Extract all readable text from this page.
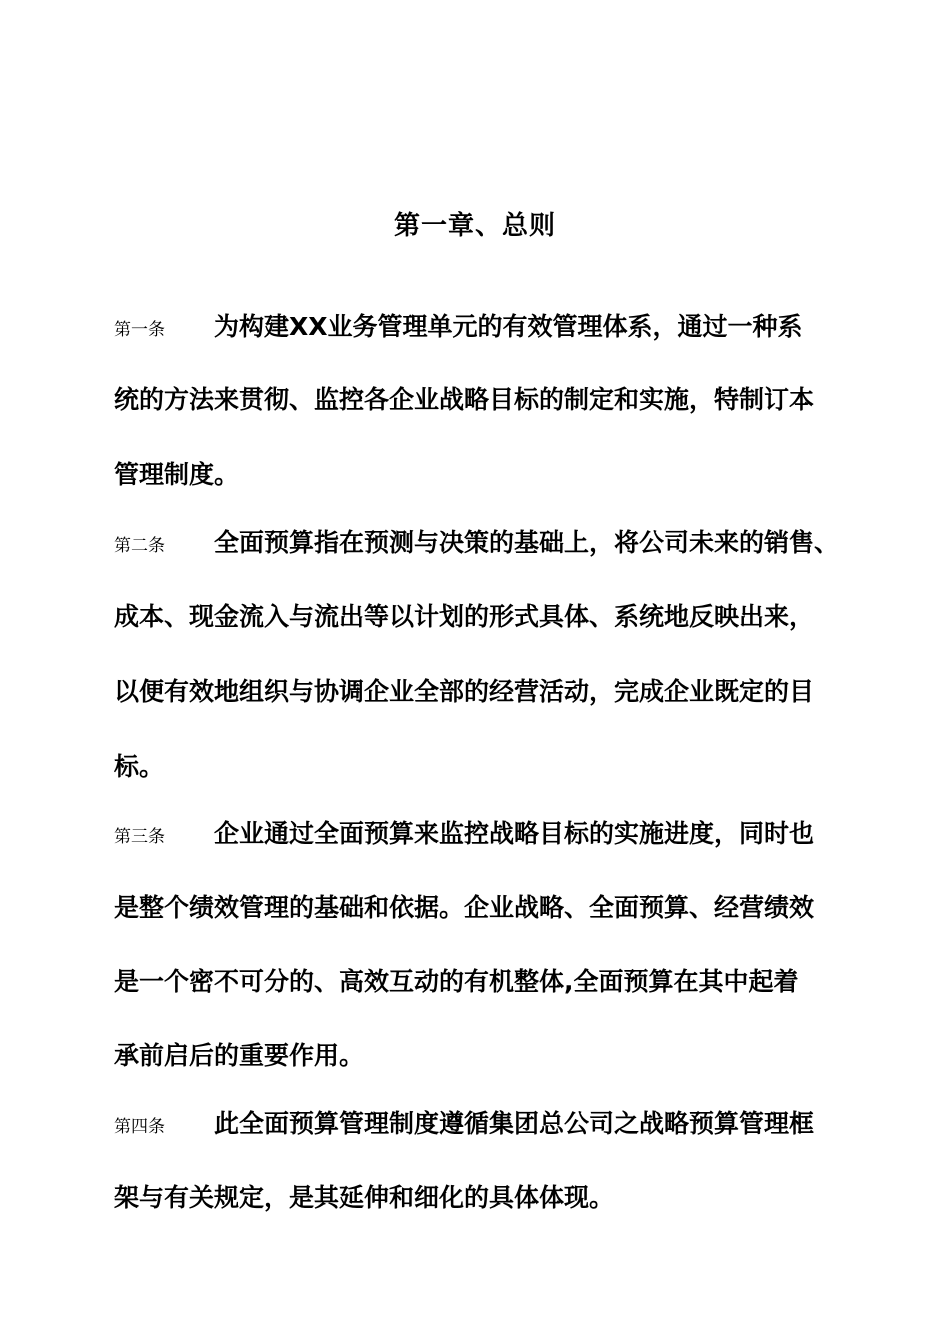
第一章、总则
第一条 为构建XX业务管理单元的有效管理体系，通过一种系
统的方法来贯彻、监控各企业战略目标的制定和实施，特制订本
管理制度。
第二条 全面预算指在预测与决策的基础上，将公司未来的销售、
成本、现金流入与流出等以计划的形式具体、系统地反映出来，
以便有效地组织与协调企业全部的经营活动，完成企业既定的目
标。
第三条 企业通过全面预算来监控战略目标的实施进度，同时也
是整个绩效管理的基础和依据。企业战略、全面预算、经营绩效
是一个密不可分的、高效互动的有机整体,全面预算在其中起着
承前启后的重要作用。
第四条 此全面预算管理制度遵循集团总公司之战略预算管理框
架与有关规定，是其延伸和细化的具体体现。
